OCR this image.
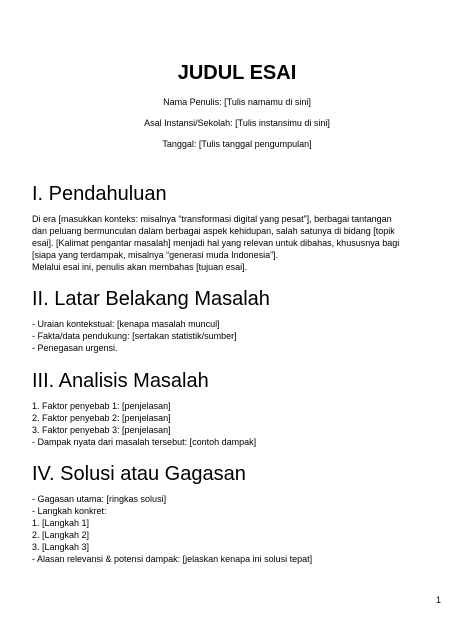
JUDUL ESAI

Nama Penulis: [Tulis namamu di sini]

Asal Instansi/Sekolah: [Tulis instansimu di sini]

Tanggal: [Tulis tanggal pengumpulan]

I. Pendahuluan
Di era [masukkan konteks: misalnya “transformasi digital yang pesat”], berbagai tantangan
dan peluang bermunculan dalam berbagai aspek kehidupan, salah satunya di bidang [topik
esai]. [Kalimat pengantar masalah] menjadi hal yang relevan untuk dibahas, khususnya bagi
[siapa yang terdampak, misalnya “generasi muda Indonesia”].
Melalui esai ini, penulis akan membahas [tujuan esai].
II. Latar Belakang Masalah
- Uraian kontekstual: [kenapa masalah muncul]
- Fakta/data pendukung: [sertakan statistik/sumber]
- Penegasan urgensi.
III. Analisis Masalah
1. Faktor penyebab 1: [penjelasan]
2. Faktor penyebab 2: [penjelasan]
3. Faktor penyebab 3: [penjelasan]
- Dampak nyata dari masalah tersebut: [contoh dampak]
IV. Solusi atau Gagasan
- Gagasan utama: [ringkas solusi]
- Langkah konkret:
1. [Langkah 1]
2. [Langkah 2]
3. [Langkah 3]
- Alasan relevansi & potensi dampak: [jelaskan kenapa ini solusi tepat]
1
